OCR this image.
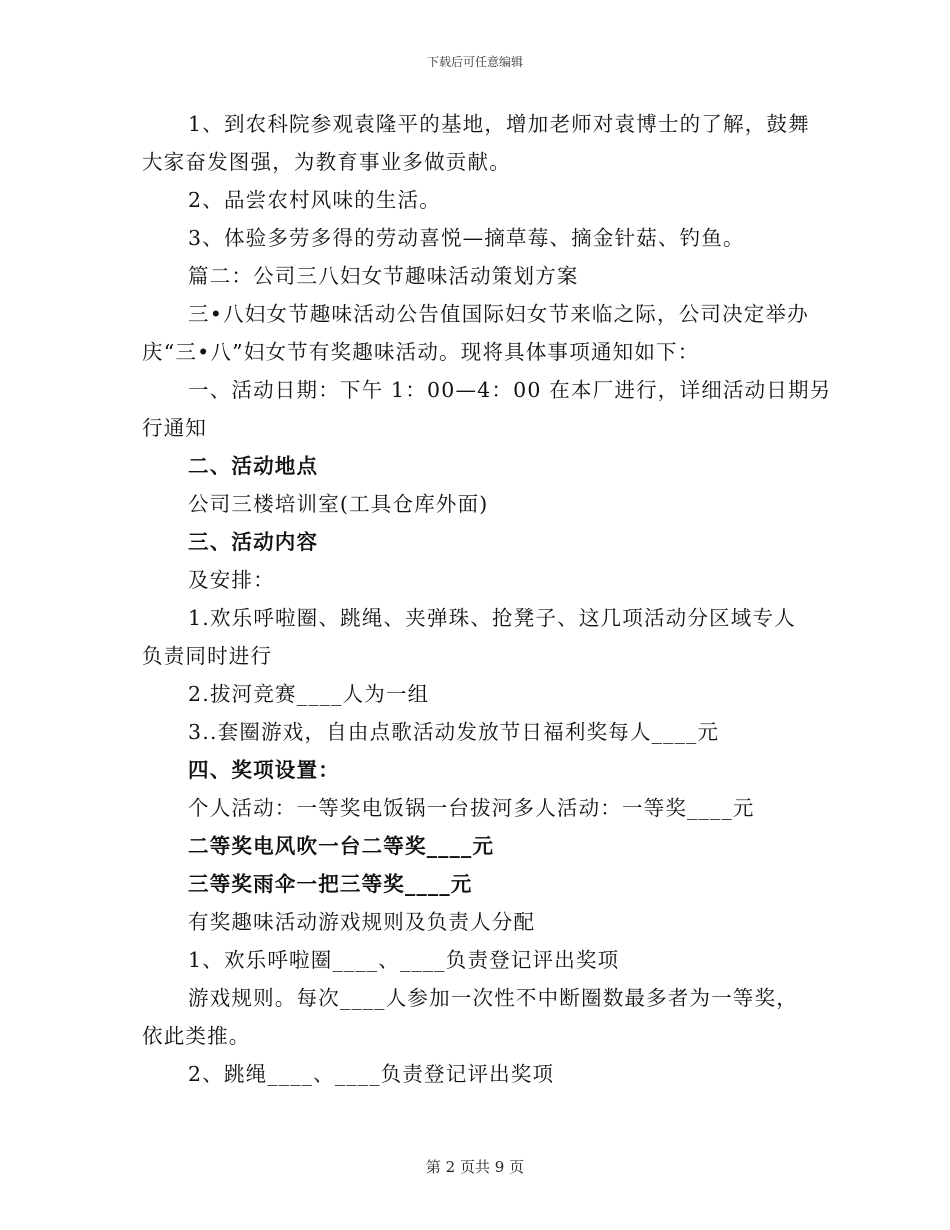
下载后可任意编辑
1、到农科院参观袁隆平的基地，增加老师对袁博士的了解，鼓舞
大家奋发图强，为教育事业多做贡献。
2、品尝农村风味的生活。
3、体验多劳多得的劳动喜悦—摘草莓、摘金针菇、钓鱼。
篇二：公司三八妇女节趣味活动策划方案
三•八妇女节趣味活动公告值国际妇女节来临之际，公司决定举办
庆“三•八”妇女节有奖趣味活动。现将具体事项通知如下：
一、活动日期：下午 1：00—4：00 在本厂进行，详细活动日期另
行通知
二、活动地点
公司三楼培训室(工具仓库外面)
三、活动内容
及安排：
1.欢乐呼啦圈、跳绳、夹弹珠、抢凳子、这几项活动分区域专人
负责同时进行
2.拔河竞赛____人为一组
3..套圈游戏，自由点歌活动发放节日福利奖每人____元
四、奖项设置：
个人活动：一等奖电饭锅一台拔河多人活动：一等奖____元
二等奖电风吹一台二等奖____元
三等奖雨伞一把三等奖____元
有奖趣味活动游戏规则及负责人分配
1、欢乐呼啦圈____、____负责登记评出奖项
游戏规则。每次____人参加一次性不中断圈数最多者为一等奖，
依此类推。
2、跳绳____、____负责登记评出奖项
第 2 页共 9 页
